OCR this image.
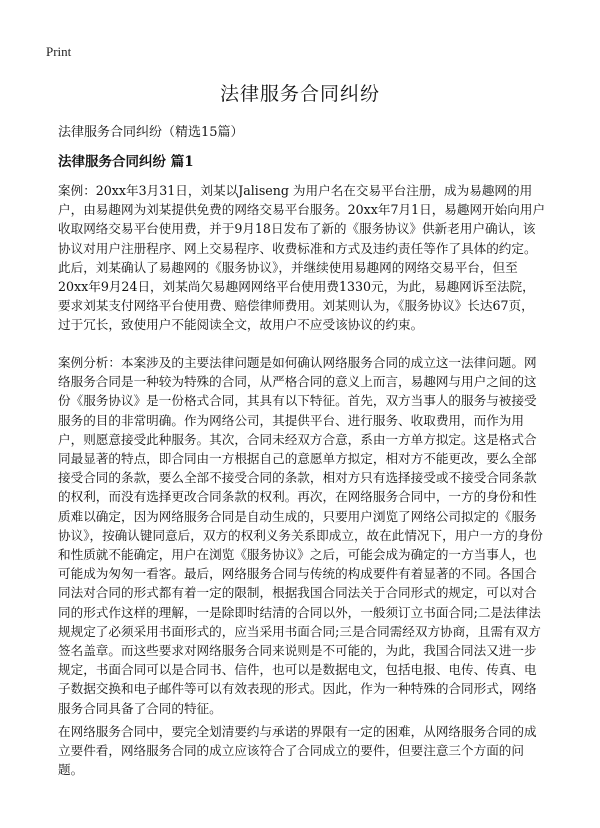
Print
法律服务合同纠纷
法律服务合同纠纷（精选15篇）
法律服务合同纠纷 篇1

案例：20xx年3月31日，刘某以Jaliseng 为用户名在交易平台注册，成为易趣网的用户，由易趣网为刘某提供免费的网络交易平台服务。20xx年7月1日，易趣网开始向用户收取网络交易平台使用费，并于9月18日发布了新的《服务协议》供新老用户确认，该协议对用户注册程序、网上交易程序、收费标准和方式及违约责任等作了具体的约定。此后，刘某确认了易趣网的《服务协议》，并继续使用易趣网的网络交易平台，但至20xx年9月24日，刘某尚欠易趣网网络平台使用费1330元，为此，易趣网诉至法院，要求刘某支付网络平台使用费、赔偿律师费用。刘某则认为，《服务协议》长达67页，过于冗长，致使用户不能阅读全文，故用户不应受该协议的约束。

案例分析：本案涉及的主要法律问题是如何确认网络服务合同的成立这一法律问题。网络服务合同是一种较为特殊的合同，从严格合同的意义上而言，易趣网与用户之间的这份《服务协议》是一份格式合同，其具有以下特征。首先，双方当事人的服务与被接受服务的目的非常明确。作为网络公司，其提供平台、进行服务、收取费用，而作为用户，则愿意接受此种服务。其次，合同未经双方合意，系由一方单方拟定。这是格式合同最显著的特点，即合同由一方根据自己的意愿单方拟定，相对方不能更改，要么全部接受合同的条款，要么全部不接受合同的条款，相对方只有选择接受或不接受合同条款的权利，而没有选择更改合同条款的权利。再次，在网络服务合同中，一方的身份和性质难以确定，因为网络服务合同是自动生成的，只要用户浏览了网络公司拟定的《服务协议》，按确认键同意后，双方的权利义务关系即成立，故在此情况下，用户一方的身份和性质就不能确定，用户在浏览《服务协议》之后，可能会成为确定的一方当事人，也可能成为匆匆一看客。最后，网络服务合同与传统的构成要件有着显著的不同。各国合同法对合同的形式都有着一定的限制，根据我国合同法关于合同形式的规定，可以对合同的形式作这样的理解，一是除即时结清的合同以外，一般须订立书面合同;二是法律法规规定了必须采用书面形式的，应当采用书面合同;三是合同需经双方协商，且需有双方签名盖章。而这些要求对网络服务合同来说则是不可能的，为此，我国合同法又进一步规定，书面合同可以是合同书、信件，也可以是数据电文，包括电报、电传、传真、电子数据交换和电子邮件等可以有效表现的形式。因此，作为一种特殊的合同形式，网络服务合同具备了合同的特征。

在网络服务合同中，要完全划清要约与承诺的界限有一定的困难，从网络服务合同的成立要件看，网络服务合同的成立应该符合了合同成立的要件，但要注意三个方面的问题。
